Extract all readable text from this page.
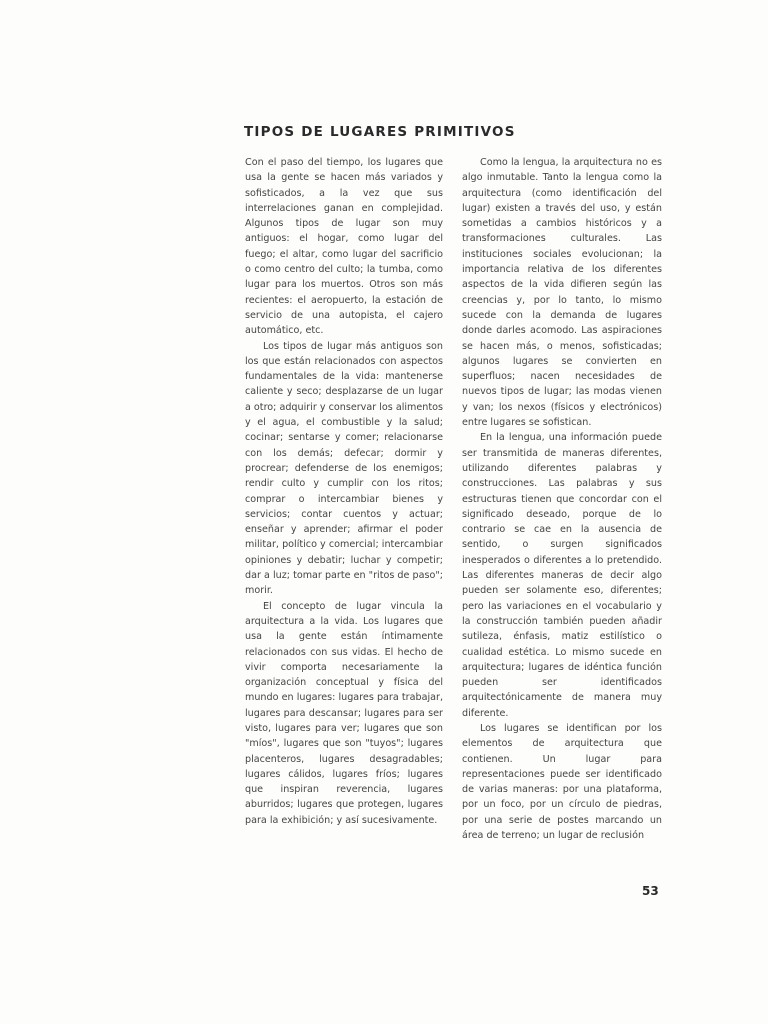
TIPOS DE LUGARES PRIMITIVOS

Con el paso del tiempo, los lugares que usa la gente se hacen más variados y sofisticados, a la vez que sus interrelaciones ganan en complejidad. Algunos tipos de lugar son muy antiguos: el hogar, como lugar del fuego; el altar, como lugar del sacrificio o como centro del culto; la tumba, como lugar para los muertos. Otros son más recientes: el aeropuerto, la estación de servicio de una autopista, el cajero automático, etc.

Los tipos de lugar más antiguos son los que están relacionados con aspectos fundamentales de la vida: mantenerse caliente y seco; desplazarse de un lugar a otro; adquirir y conservar los alimentos y el agua, el combustible y la salud; cocinar; sentarse y comer; relacionarse con los demás; defecar; dormir y procrear; defenderse de los enemigos; rendir culto y cumplir con los ritos; comprar o intercambiar bienes y servicios; contar cuentos y actuar; enseñar y aprender; afirmar el poder militar, político y comercial; intercambiar opiniones y debatir; luchar y competir; dar a luz; tomar parte en "ritos de paso"; morir.

El concepto de lugar vincula la arquitectura a la vida. Los lugares que usa la gente están íntimamente relacionados con sus vidas. El hecho de vivir comporta necesariamente la organización conceptual y física del mundo en lugares: lugares para trabajar, lugares para descansar; lugares para ser visto, lugares para ver; lugares que son "míos", lugares que son "tuyos"; lugares placenteros, lugares desagradables; lugares cálidos, lugares fríos; lugares que inspiran reverencia, lugares aburridos; lugares que protegen, lugares para la exhibición; y así sucesivamente.

Como la lengua, la arquitectura no es algo inmutable. Tanto la lengua como la arquitectura (como identificación del lugar) existen a través del uso, y están sometidas a cambios históricos y a transformaciones culturales. Las instituciones sociales evolucionan; la importancia relativa de los diferentes aspectos de la vida difieren según las creencias y, por lo tanto, lo mismo sucede con la demanda de lugares donde darles acomodo. Las aspiraciones se hacen más, o menos, sofisticadas; algunos lugares se convierten en superfluos; nacen necesidades de nuevos tipos de lugar; las modas vienen y van; los nexos (físicos y electrónicos) entre lugares se sofistican.

En la lengua, una información puede ser transmitida de maneras diferentes, utilizando diferentes palabras y construcciones. Las palabras y sus estructuras tienen que concordar con el significado deseado, porque de lo contrario se cae en la ausencia de sentido, o surgen significados inesperados o diferentes a lo pretendido. Las diferentes maneras de decir algo pueden ser solamente eso, diferentes; pero las variaciones en el vocabulario y la construcción también pueden añadir sutileza, énfasis, matiz estilístico o cualidad estética. Lo mismo sucede en arquitectura; lugares de idéntica función pueden ser identificados arquitectónicamente de manera muy diferente.

Los lugares se identifican por los elementos de arquitectura que contienen. Un lugar para representaciones puede ser identificado de varias maneras: por una plataforma, por un foco, por un círculo de piedras, por una serie de postes marcando un área de terreno; un lugar de reclusión

53
